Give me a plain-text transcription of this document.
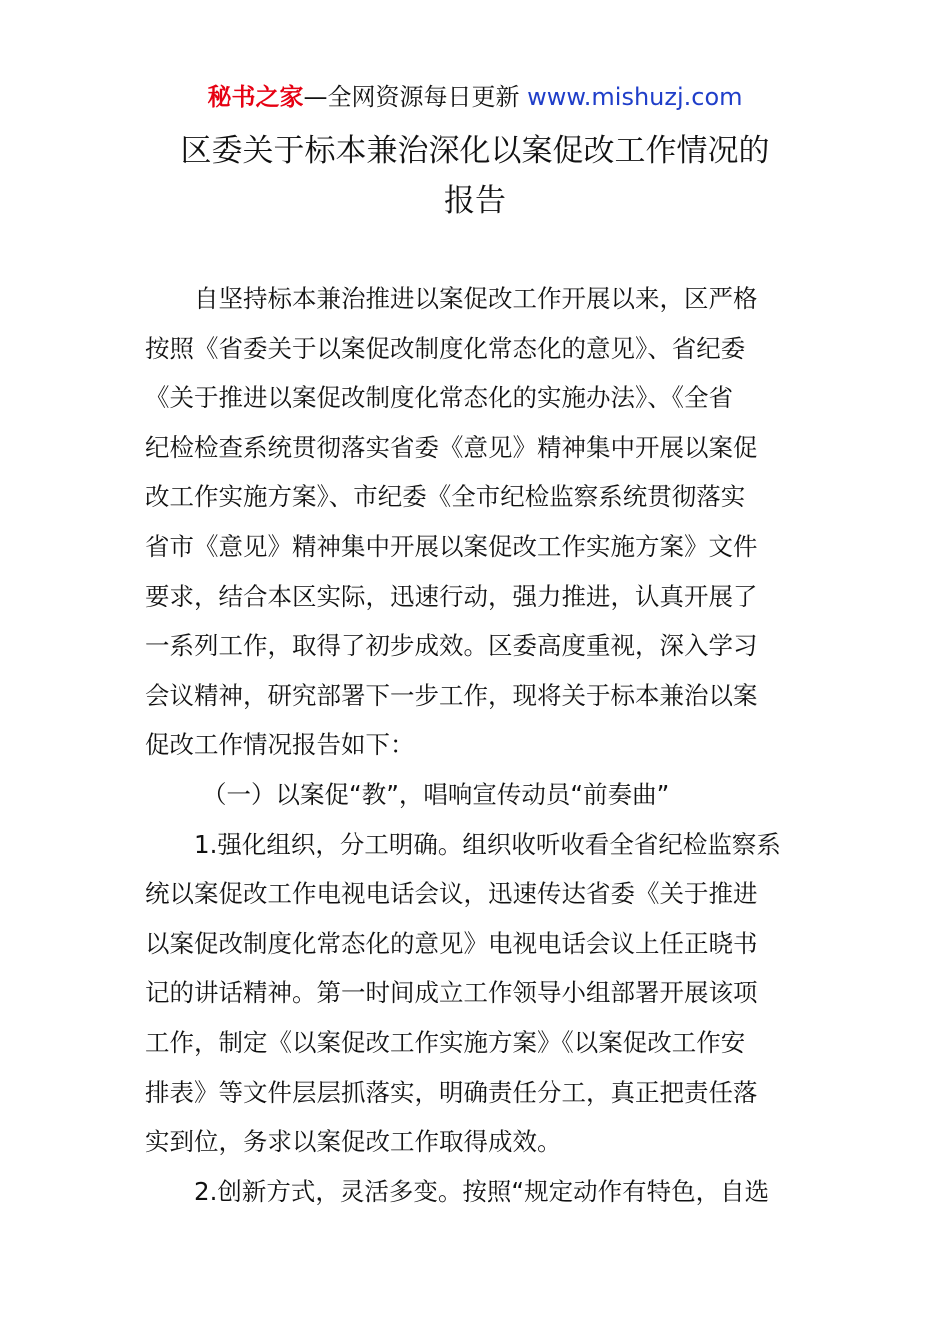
秘书之家—全网资源每日更新 www.mishuzj.com
区委关于标本兼治深化以案促改工作情况的
报告
自坚持标本兼治推进以案促改工作开展以来，区严格
按照《省委关于以案促改制度化常态化的意见》、省纪委
《关于推进以案促改制度化常态化的实施办法》、《全省
纪检检查系统贯彻落实省委《意见》精神集中开展以案促
改工作实施方案》、市纪委《全市纪检监察系统贯彻落实
省市《意见》精神集中开展以案促改工作实施方案》文件
要求，结合本区实际，迅速行动，强力推进，认真开展了
一系列工作，取得了初步成效。区委高度重视，深入学习
会议精神，研究部署下一步工作，现将关于标本兼治以案
促改工作情况报告如下：
（一）以案促“教”，唱响宣传动员“前奏曲”
1.强化组织，分工明确。组织收听收看全省纪检监察系
统以案促改工作电视电话会议，迅速传达省委《关于推进
以案促改制度化常态化的意见》电视电话会议上任正晓书
记的讲话精神。第一时间成立工作领导小组部署开展该项
工作，制定《以案促改工作实施方案》《以案促改工作安
排表》等文件层层抓落实，明确责任分工，真正把责任落
实到位，务求以案促改工作取得成效。
2.创新方式，灵活多变。按照“规定动作有特色，自选
